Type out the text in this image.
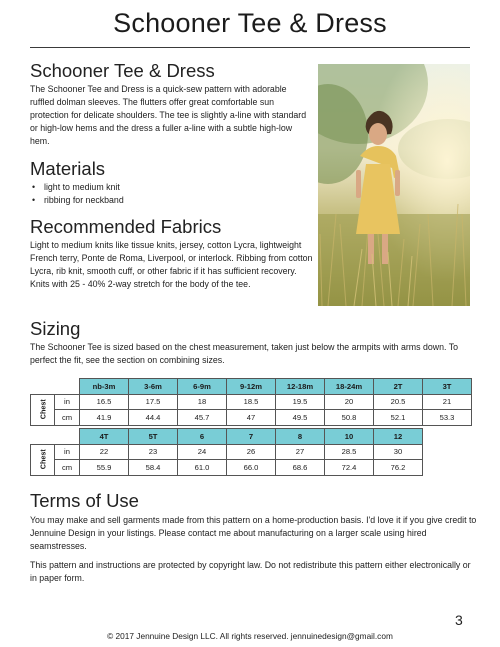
Schooner Tee & Dress
Schooner Tee & Dress

The Schooner Tee and Dress is a quick-sew pattern with adorable ruffled dolman sleeves. The flutters offer great comfortable sun protection for delicate shoulders. The tee is slightly a-line with standard or high-low hems and the dress a fuller a-line with a subtle high-low hem.

Materials
• light to medium knit
• ribbing for neckband
Recommended Fabrics

Light to medium knits like tissue knits, jersey, cotton Lycra, lightweight French terry, Ponte de Roma, Liverpool, or interlock. Ribbing from cotton Lycra, rib knit, smooth cuff, or other fabric if it has sufficient recovery. Knits with 25 - 40% 2-way stretch for the body of the tee.

Sizing

The Schooner Tee is sized based on the chest measurement, taken just below the armpits with arms down. To perfect the fit, see the section on combining sizes.

		nb-3m	3-6m	6-9m	9-12m	12-18m	18-24m	2T	3T
Chest	in	16.5	17.5	18	18.5	19.5	20	20.5	21
	cm	41.9	44.4	45.7	47	49.5	50.8	52.1	53.3
		4T	5T	6	7	8	10	12
Chest	in	22	23	24	26	27	28.5	30
	cm	55.9	58.4	61.0	66.0	68.6	72.4	76.2
Terms of Use

You may make and sell garments made from this pattern on a home-production basis. I'd love it if you give credit to Jennuine Design in your listings. Please contact me about manufacturing on a larger scale using hired seamstresses.

This pattern and instructions are protected by copyright law. Do not redistribute this pattern either electronically or in paper form.

3
© 2017 Jennuine Design LLC. All rights reserved. jennuinedesign@gmail.com
